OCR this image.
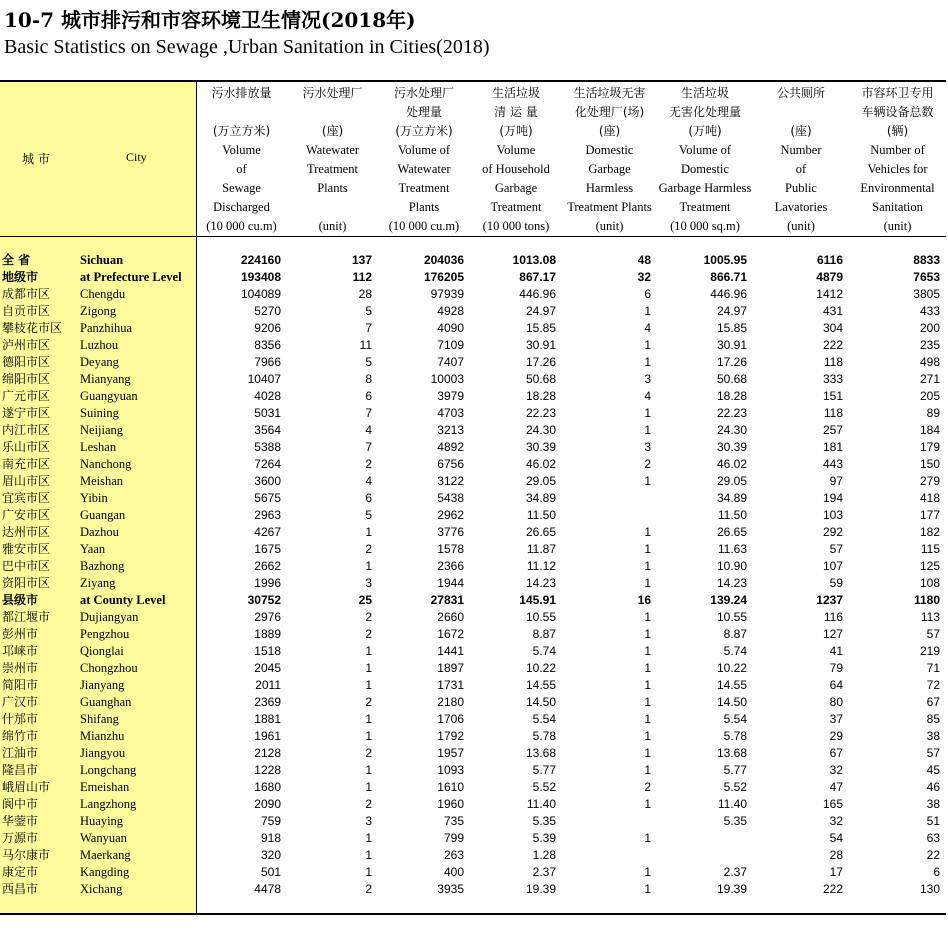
10-7 城市排污和市容环境卫生情况(2018年)
Basic Statistics on Sewage ,Urban Sanitation in Cities(2018)
城 市	City
污水排放量
(万立方米)
Volume
of
Sewage
Discharged
(10 000 cu.m)
污水处理厂
(座)
Watewater
Treatment
Plants
(unit)
污水处理厂
处理量
(万立方米)
Volume of
Watewater
Treatment
Plants
(10 000 cu.m)
生活垃圾
清 运 量
(万吨)
Volume
of Household
Garbage
Treatment
(10 000 tons)
生活垃圾无害
化处理厂(场)
(座)
Domestic
Garbage
Harmless
Treatment Plants
(unit)
生活垃圾
无害化处理量
(万吨)
Volume of
Domestic
Garbage Harmless
Treatment
(10 000 sq.m)
公共厕所
(座)
Number
of
Public
Lavatories
(unit)
市容环卫专用
车辆设备总数
(辆)
Number of
Vehicles for
Environmental
Sanitation
(unit)
全 省	Sichuan	224160	137	204036	1013.08	48	1005.95	6116	8833
地级市	at Prefecture Level	193408	112	176205	867.17	32	866.71	4879	7653
成都市区	Chengdu	104089	28	97939	446.96	6	446.96	1412	3805
自贡市区	Zigong	5270	5	4928	24.97	1	24.97	431	433
攀枝花市区	Panzhihua	9206	7	4090	15.85	4	15.85	304	200
泸州市区	Luzhou	8356	11	7109	30.91	1	30.91	222	235
德阳市区	Deyang	7966	5	7407	17.26	1	17.26	118	498
绵阳市区	Mianyang	10407	8	10003	50.68	3	50.68	333	271
广元市区	Guangyuan	4028	6	3979	18.28	4	18.28	151	205
遂宁市区	Suining	5031	7	4703	22.23	1	22.23	118	89
内江市区	Neijiang	3564	4	3213	24.30	1	24.30	257	184
乐山市区	Leshan	5388	7	4892	30.39	3	30.39	181	179
南充市区	Nanchong	7264	2	6756	46.02	2	46.02	443	150
眉山市区	Meishan	3600	4	3122	29.05	1	29.05	97	279
宜宾市区	Yibin	5675	6	5438	34.89		34.89	194	418
广安市区	Guangan	2963	5	2962	11.50		11.50	103	177
达州市区	Dazhou	4267	1	3776	26.65	1	26.65	292	182
雅安市区	Yaan	1675	2	1578	11.87	1	11.63	57	115
巴中市区	Bazhong	2662	1	2366	11.12	1	10.90	107	125
资阳市区	Ziyang	1996	3	1944	14.23	1	14.23	59	108
县级市	at County Level	30752	25	27831	145.91	16	139.24	1237	1180
都江堰市	Dujiangyan	2976	2	2660	10.55	1	10.55	116	113
彭州市	Pengzhou	1889	2	1672	8.87	1	8.87	127	57
邛崃市	Qionglai	1518	1	1441	5.74	1	5.74	41	219
崇州市	Chongzhou	2045	1	1897	10.22	1	10.22	79	71
简阳市	Jianyang	2011	1	1731	14.55	1	14.55	64	72
广汉市	Guanghan	2369	2	2180	14.50	1	14.50	80	67
什邡市	Shifang	1881	1	1706	5.54	1	5.54	37	85
绵竹市	Mianzhu	1961	1	1792	5.78	1	5.78	29	38
江油市	Jiangyou	2128	2	1957	13.68	1	13.68	67	57
隆昌市	Longchang	1228	1	1093	5.77	1	5.77	32	45
峨眉山市	Emeishan	1680	1	1610	5.52	2	5.52	47	46
阆中市	Langzhong	2090	2	1960	11.40	1	11.40	165	38
华蓥市	Huaying	759	3	735	5.35		5.35	32	51
万源市	Wanyuan	918	1	799	5.39	1		54	63
马尔康市	Maerkang	320	1	263	1.28			28	22
康定市	Kangding	501	1	400	2.37	1	2.37	17	6
西昌市	Xichang	4478	2	3935	19.39	1	19.39	222	130
